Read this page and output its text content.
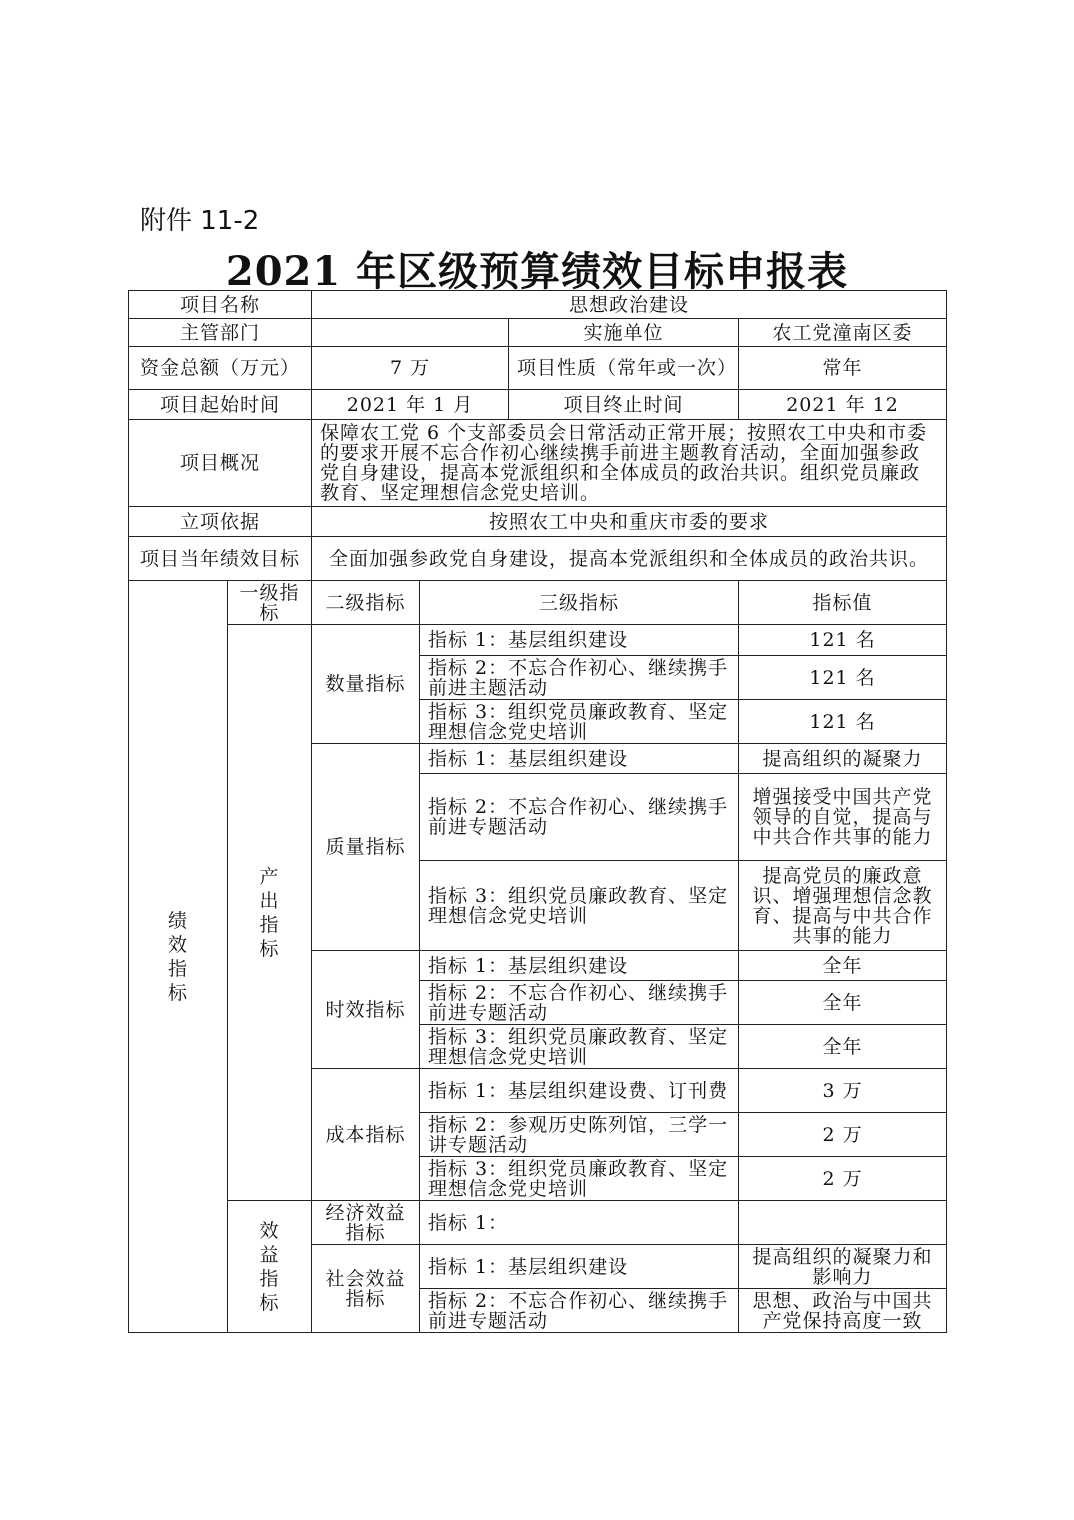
附件 11-2
2021 年区级预算绩效目标申报表
项目名称		思想政治建设			
主管部门				实施单位	农工党潼南区委
资金总额（万元）		7 万		项目性质（常年或一次）	常年
项目起始时间		2021 年 1 月		项目终止时间	2021 年 12
项目概况		保障农工党 6 个支部委员会日常活动正常开展；按照农工中央和市委的要求开展不忘合作初心继续携手前进主题教育活动，全面加强参政党自身建设，提高本党派组织和全体成员的政治共识。组织党员廉政教育、坚定理想信念党史培训。			
立项依据		按照农工中央和重庆市委的要求			
项目当年绩效目标		全面加强参政党自身建设，提高本党派组织和全体成员的政治共识。			
绩效指标	一级指标	二级指标	三级指标		指标值
	产出指标	数量指标	指标 1：基层组织建设		121 名
			指标 2：不忘合作初心、继续携手前进主题活动		121 名
			指标 3：组织党员廉政教育、坚定理想信念党史培训		121 名
		质量指标	指标 1：基层组织建设		提高组织的凝聚力
			指标 2：不忘合作初心、继续携手前进专题活动		增强接受中国共产党领导的自觉，提高与中共合作共事的能力
			指标 3：组织党员廉政教育、坚定理想信念党史培训		提高党员的廉政意识、增强理想信念教育、提高与中共合作共事的能力
		时效指标	指标 1：基层组织建设		全年
			指标 2：不忘合作初心、继续携手前进专题活动		全年
			指标 3：组织党员廉政教育、坚定理想信念党史培训		全年
		成本指标	指标 1：基层组织建设费、订刊费		3 万
			指标 2：参观历史陈列馆，三学一讲专题活动		2 万
			指标 3：组织党员廉政教育、坚定理想信念党史培训		2 万
	效益指标	经济效益指标	指标 1：		
		社会效益指标	指标 1：基层组织建设		提高组织的凝聚力和影响力
			指标 2：不忘合作初心、继续携手前进专题活动		思想、政治与中国共产党保持高度一致
